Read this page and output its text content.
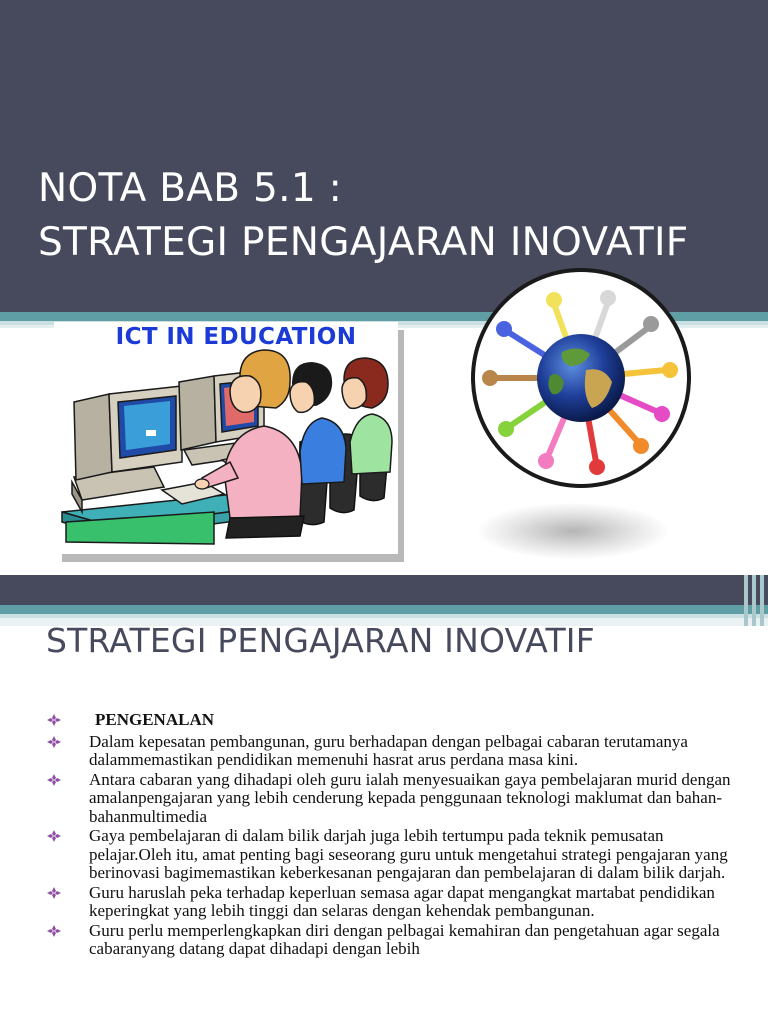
NOTA BAB 5.1 :
STRATEGI PENGAJARAN INOVATIF
ICT IN EDUCATION
STRATEGI PENGAJARAN INOVATIF
PENGENALAN
Dalam kepesatan pembangunan, guru berhadapan dengan pelbagai cabaran terutamanya dalammemastikan pendidikan memenuhi hasrat arus perdana masa kini.
Antara cabaran yang dihadapi oleh guru ialah menyesuaikan gaya pembelajaran murid dengan amalanpengajaran yang lebih cenderung kepada penggunaan teknologi maklumat dan bahan-bahanmultimedia
Gaya pembelajaran di dalam bilik darjah juga lebih tertumpu pada teknik pemusatan pelajar.Oleh itu, amat penting bagi seseorang guru untuk mengetahui strategi pengajaran yang berinovasi bagimemastikan keberkesanan pengajaran dan pembelajaran di dalam bilik darjah.
Guru haruslah peka terhadap keperluan semasa agar dapat mengangkat martabat pendidikan keperingkat yang lebih tinggi dan selaras dengan kehendak pembangunan.
Guru perlu memperlengkapkan diri dengan pelbagai kemahiran dan pengetahuan agar segala cabaranyang datang dapat dihadapi dengan lebih
